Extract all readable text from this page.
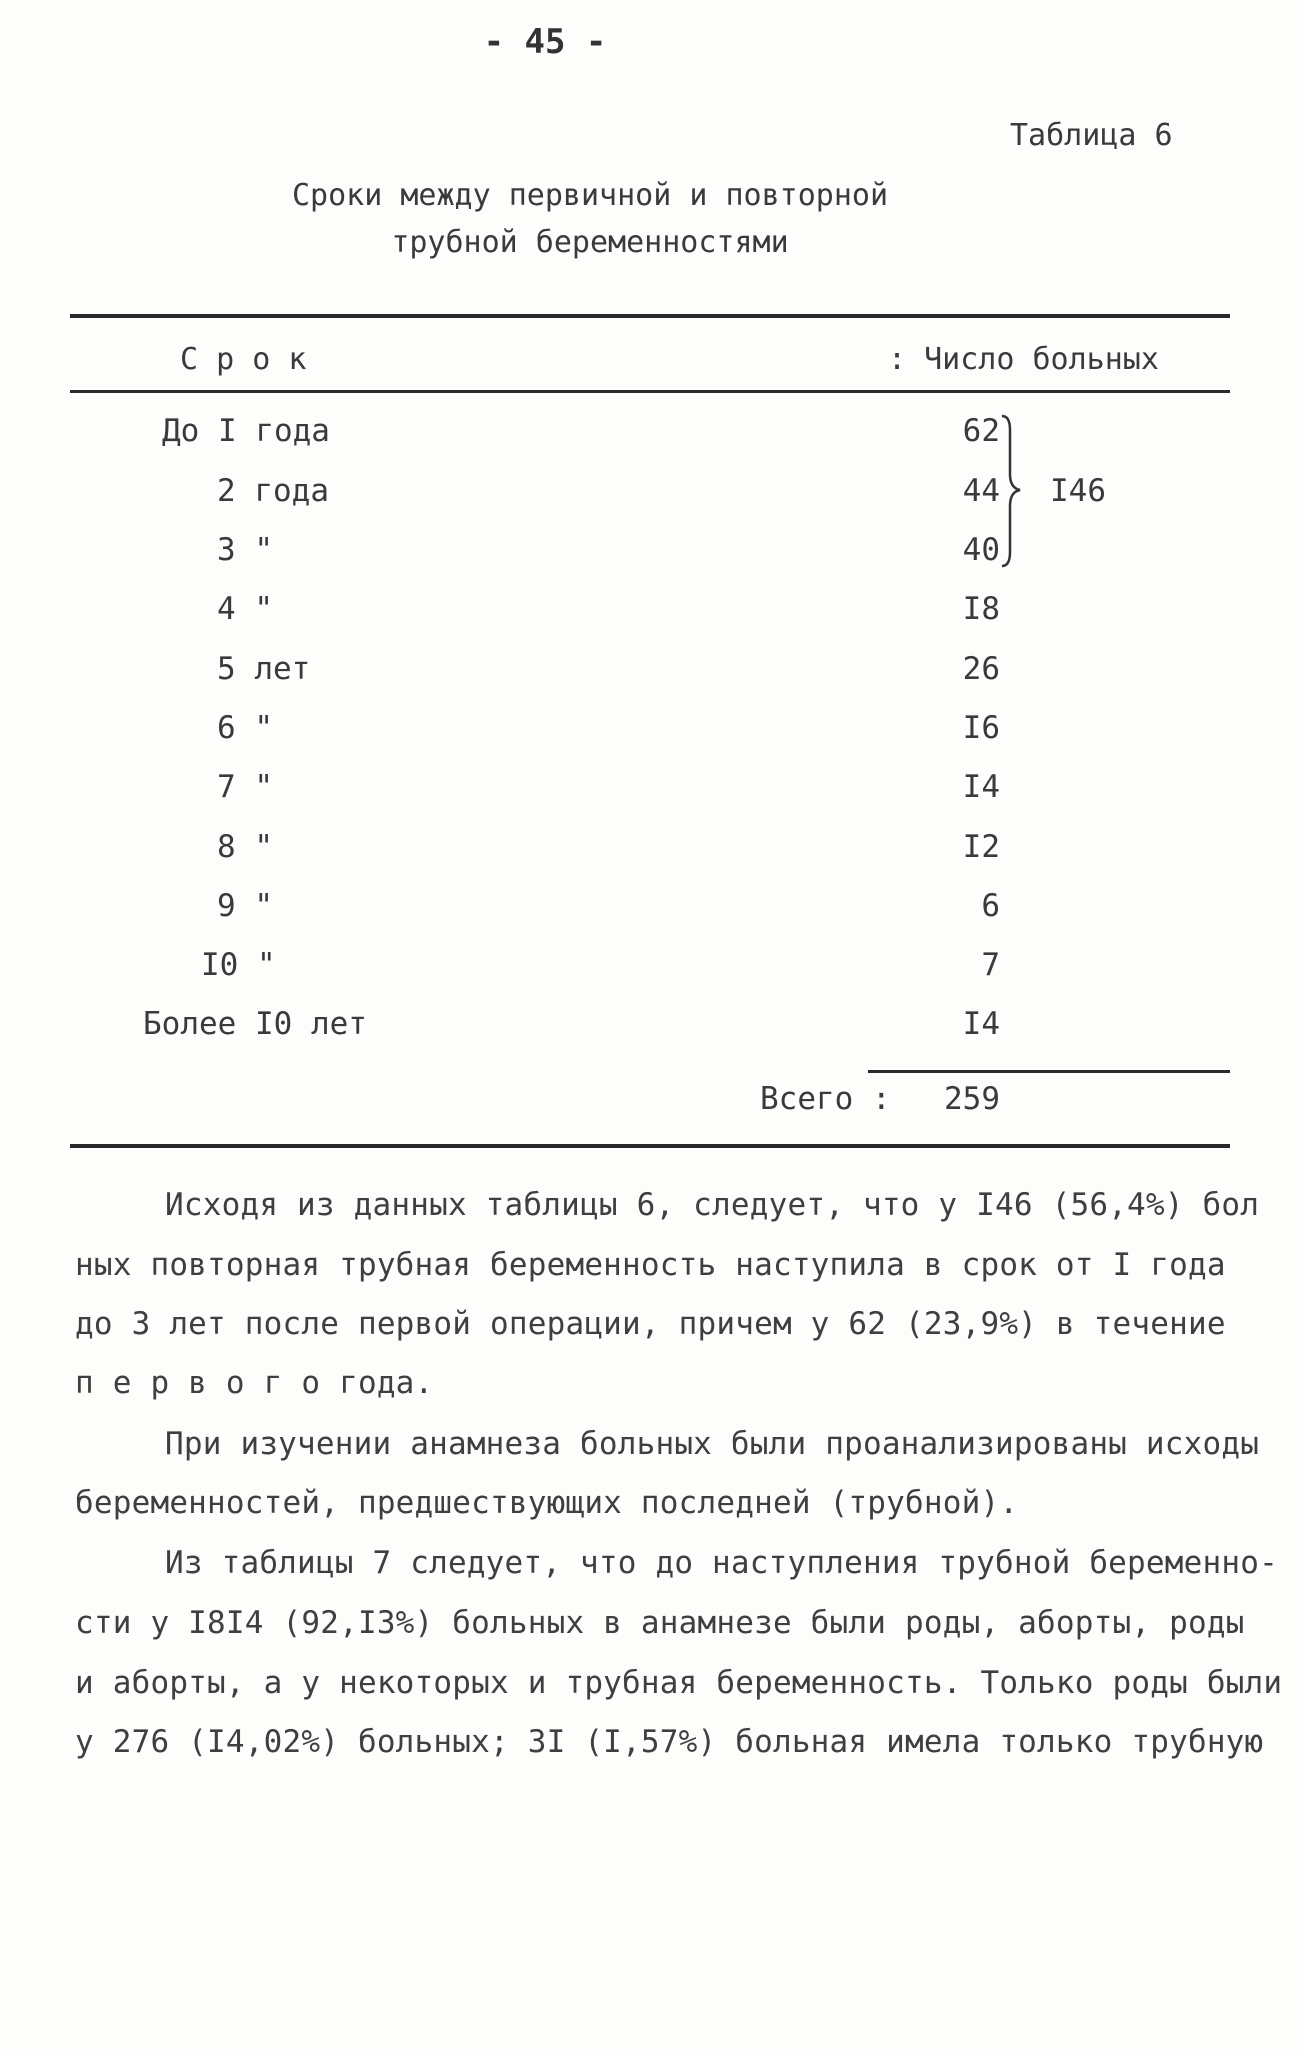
- 45 -
Таблица 6
Сроки между первичной и повторной
трубной беременностями
С р о к	: Число больных
До I года	62
2 года	44
3 "	40
4 "	I8
5 лет	26
6 "	I6
7 "	I4
8 "	I2
9 "	6
I0 "	7
Более I0 лет	I4
I46
Всего : 259
Исходя из данных таблицы 6, следует, что у I46 (56,4%) бол
ных повторная трубная беременность наступила в срок от I года
до 3 лет после первой операции, причем у 62 (23,9%) в течение
п е р в о г о года.
При изучении анамнеза больных были проанализированы исходы
беременностей, предшествующих последней (трубной).
Из таблицы 7 следует, что до наступления трубной беременно-
сти у I8I4 (92,I3%) больных в анамнезе были роды, аборты, роды
и аборты, а у некоторых и трубная беременность. Только роды были
у 276 (I4,02%) больных; 3I (I,57%) больная имела только трубную
